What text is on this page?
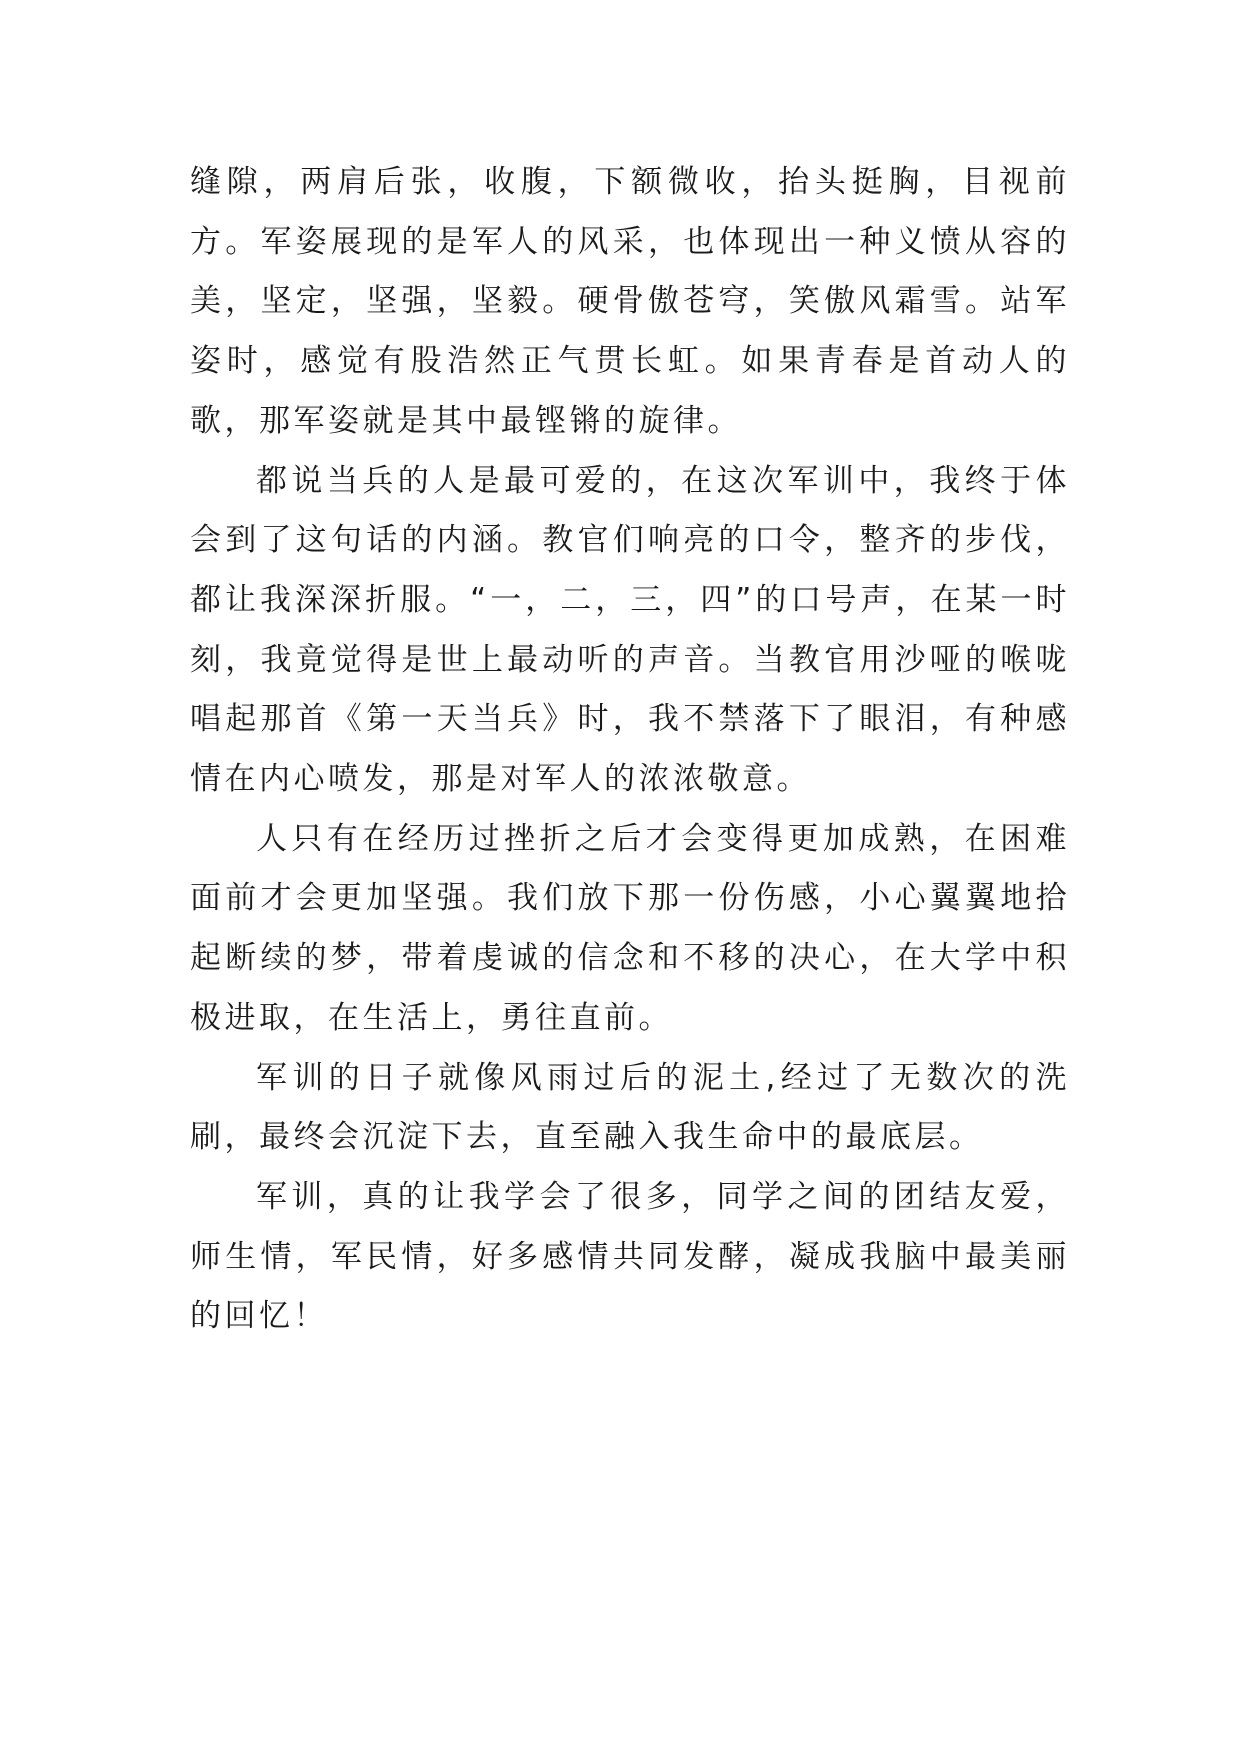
缝隙，两肩后张，收腹，下额微收，抬头挺胸，目视前方。军姿展现的是军人的风采，也体现出一种义愤从容的美，坚定，坚强，坚毅。硬骨傲苍穹，笑傲风霜雪。站军姿时，感觉有股浩然正气贯长虹。如果青春是首动人的歌，那军姿就是其中最铿锵的旋律。

都说当兵的人是最可爱的，在这次军训中，我终于体会到了这句话的内涵。教官们响亮的口令，整齐的步伐，都让我深深折服。“一，二，三，四”的口号声，在某一时刻，我竟觉得是世上最动听的声音。当教官用沙哑的喉咙唱起那首《第一天当兵》时，我不禁落下了眼泪，有种感情在内心喷发，那是对军人的浓浓敬意。

人只有在经历过挫折之后才会变得更加成熟，在困难面前才会更加坚强。我们放下那一份伤感，小心翼翼地拾起断续的梦，带着虔诚的信念和不移的决心，在大学中积极进取，在生活上，勇往直前。

军训的日子就像风雨过后的泥土,经过了无数次的洗刷，最终会沉淀下去，直至融入我生命中的最底层。

军训，真的让我学会了很多，同学之间的团结友爱，师生情，军民情，好多感情共同发酵，凝成我脑中最美丽的回忆！
